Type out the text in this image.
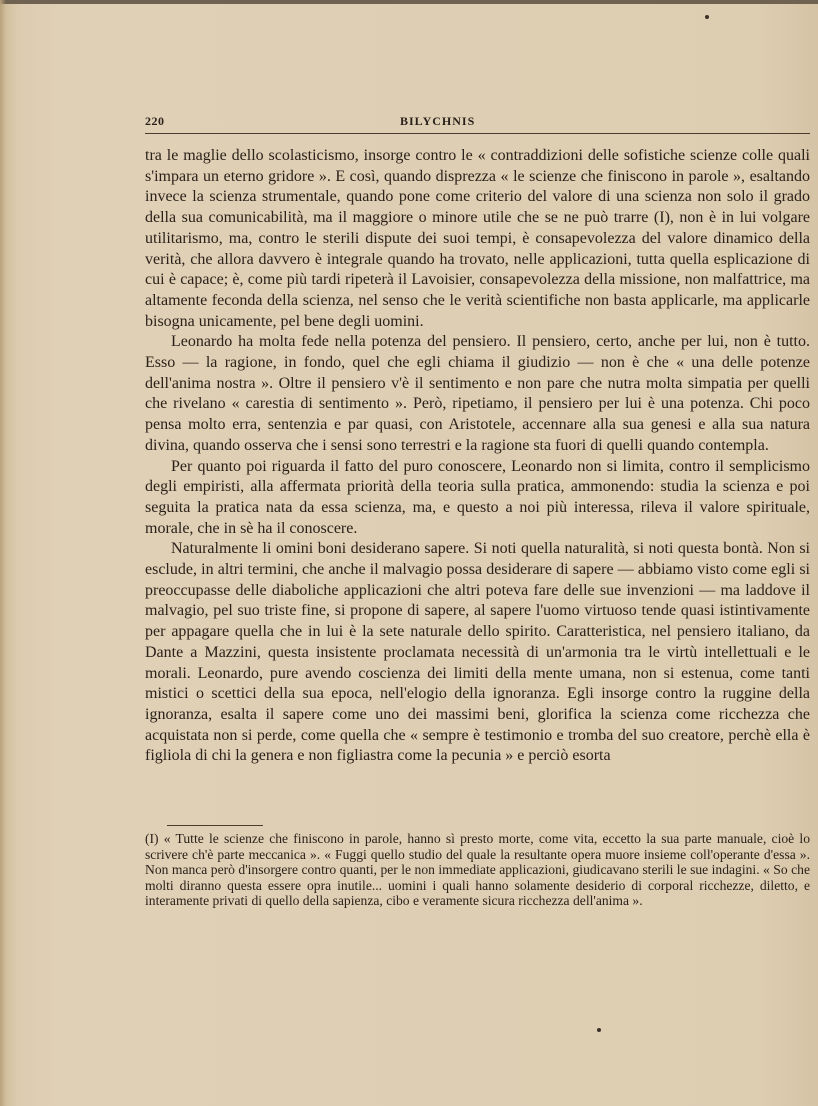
220	BILYCHNIS

tra le maglie dello scolasticismo, insorge contro le « contraddizioni delle sofistiche scienze colle quali s'impara un eterno gridore ». E così, quando disprezza « le scienze che finiscono in parole », esaltando invece la scienza strumentale, quando pone come criterio del valore di una scienza non solo il grado della sua comunicabilità, ma il maggiore o minore utile che se ne può trarre (I), non è in lui volgare utilitarismo, ma, contro le sterili dispute dei suoi tempi, è consapevolezza del valore dinamico della verità, che allora davvero è integrale quando ha trovato, nelle applicazioni, tutta quella esplicazione di cui è capace; è, come più tardi ripeterà il Lavoisier, consapevolezza della missione, non malfattrice, ma altamente feconda della scienza, nel senso che le verità scientifiche non basta applicarle, ma applicarle bisogna unicamente, pel bene degli uomini.

Leonardo ha molta fede nella potenza del pensiero. Il pensiero, certo, anche per lui, non è tutto. Esso — la ragione, in fondo, quel che egli chiama il giudizio — non è che « una delle potenze dell'anima nostra ». Oltre il pensiero v'è il sentimento e non pare che nutra molta simpatia per quelli che rivelano « carestia di sentimento ». Però, ripetiamo, il pensiero per lui è una potenza. Chi poco pensa molto erra, sentenzia e par quasi, con Aristotele, accennare alla sua genesi e alla sua natura divina, quando osserva che i sensi sono terrestri e la ragione sta fuori di quelli quando contempla.

Per quanto poi riguarda il fatto del puro conoscere, Leonardo non si limita, contro il semplicismo degli empiristi, alla affermata priorità della teoria sulla pratica, ammonendo: studia la scienza e poi seguita la pratica nata da essa scienza, ma, e questo a noi più interessa, rileva il valore spirituale, morale, che in sè ha il conoscere.

Naturalmente li omini boni desiderano sapere. Si noti quella naturalità, si noti questa bontà. Non si esclude, in altri termini, che anche il malvagio possa desiderare di sapere — abbiamo visto come egli si preoccupasse delle diaboliche applicazioni che altri poteva fare delle sue invenzioni — ma laddove il malvagio, pel suo triste fine, si propone di sapere, al sapere l'uomo virtuoso tende quasi istintivamente per appagare quella che in lui è la sete naturale dello spirito. Caratteristica, nel pensiero italiano, da Dante a Mazzini, questa insistente proclamata necessità di un'armonia tra le virtù intellettuali e le morali. Leonardo, pure avendo coscienza dei limiti della mente umana, non si estenua, come tanti mistici o scettici della sua epoca, nell'elogio della ignoranza. Egli insorge contro la ruggine della ignoranza, esalta il sapere come uno dei massimi beni, glorifica la scienza come ricchezza che acquistata non si perde, come quella che « sempre è testimonio e tromba del suo creatore, perchè ella è figliola di chi la genera e non figliastra come la pecunia » e perciò esorta

(I) « Tutte le scienze che finiscono in parole, hanno sì presto morte, come vita, eccetto la sua parte manuale, cioè lo scrivere ch'è parte meccanica ». « Fuggi quello studio del quale la resultante opera muore insieme coll'operante d'essa ». Non manca però d'insorgere contro quanti, per le non immediate applicazioni, giudicavano sterili le sue indagini. « So che molti diranno questa essere opra inutile... uomini i quali hanno solamente desiderio di corporal ricchezze, diletto, e interamente privati di quello della sapienza, cibo e veramente sicura ricchezza dell'anima ».
